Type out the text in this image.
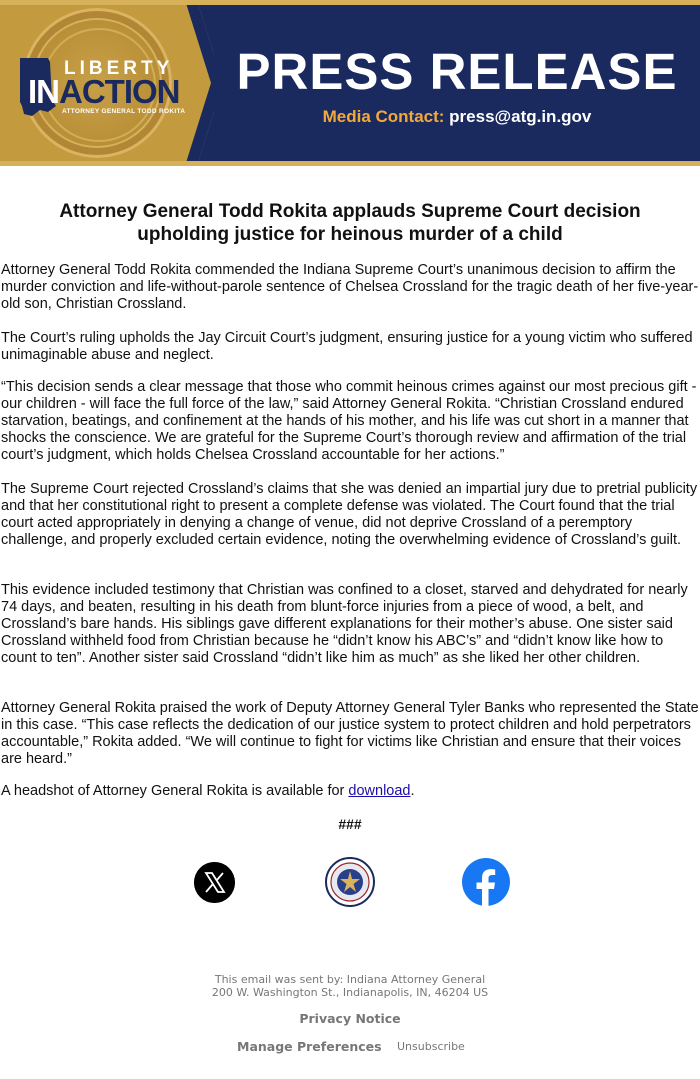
LIBERTY
INACTION
ATTORNEY GENERAL TODD ROKITA
PRESS RELEASE
Media Contact: press@atg.in.gov
Attorney General Todd Rokita applauds Supreme Court decision upholding justice for heinous murder of a child

Attorney General Todd Rokita commended the Indiana Supreme Court’s unanimous decision to affirm the murder conviction and life-without-parole sentence of Chelsea Crossland for the tragic death of her five-year-old son, Christian Crossland.

The Court’s ruling upholds the Jay Circuit Court’s judgment, ensuring justice for a young victim who suffered unimaginable abuse and neglect.

“This decision sends a clear message that those who commit heinous crimes against our most precious gift - our children - will face the full force of the law,” said Attorney General Rokita. “Christian Crossland endured starvation, beatings, and confinement at the hands of his mother, and his life was cut short in a manner that shocks the conscience. We are grateful for the Supreme Court’s thorough review and affirmation of the trial court’s judgment, which holds Chelsea Crossland accountable for her actions.”

The Supreme Court rejected Crossland’s claims that she was denied an impartial jury due to pretrial publicity and that her constitutional right to present a complete defense was violated. The Court found that the trial court acted appropriately in denying a change of venue, did not deprive Crossland of a peremptory challenge, and properly excluded certain evidence, noting the overwhelming evidence of Crossland’s guilt.

This evidence included testimony that Christian was confined to a closet, starved and dehydrated for nearly 74 days, and beaten, resulting in his death from blunt-force injuries from a piece of wood, a belt, and Crossland’s bare hands. His siblings gave different explanations for their mother’s abuse. One sister said Crossland withheld food from Christian because he “didn’t know his ABC’s” and “didn’t know like how to count to ten”. Another sister said Crossland “didn’t like him as much” as she liked her other children.

Attorney General Rokita praised the work of Deputy Attorney General Tyler Banks who represented the State in this case. “This case reflects the dedication of our justice system to protect children and hold perpetrators accountable,” Rokita added. “We will continue to fight for victims like Christian and ensure that their voices are heard.”

A headshot of Attorney General Rokita is available for download.

###
This email was sent by: Indiana Attorney General
200 W. Washington St., Indianapolis, IN, 46204 US
Privacy Notice
Manage Preferences Unsubscribe
